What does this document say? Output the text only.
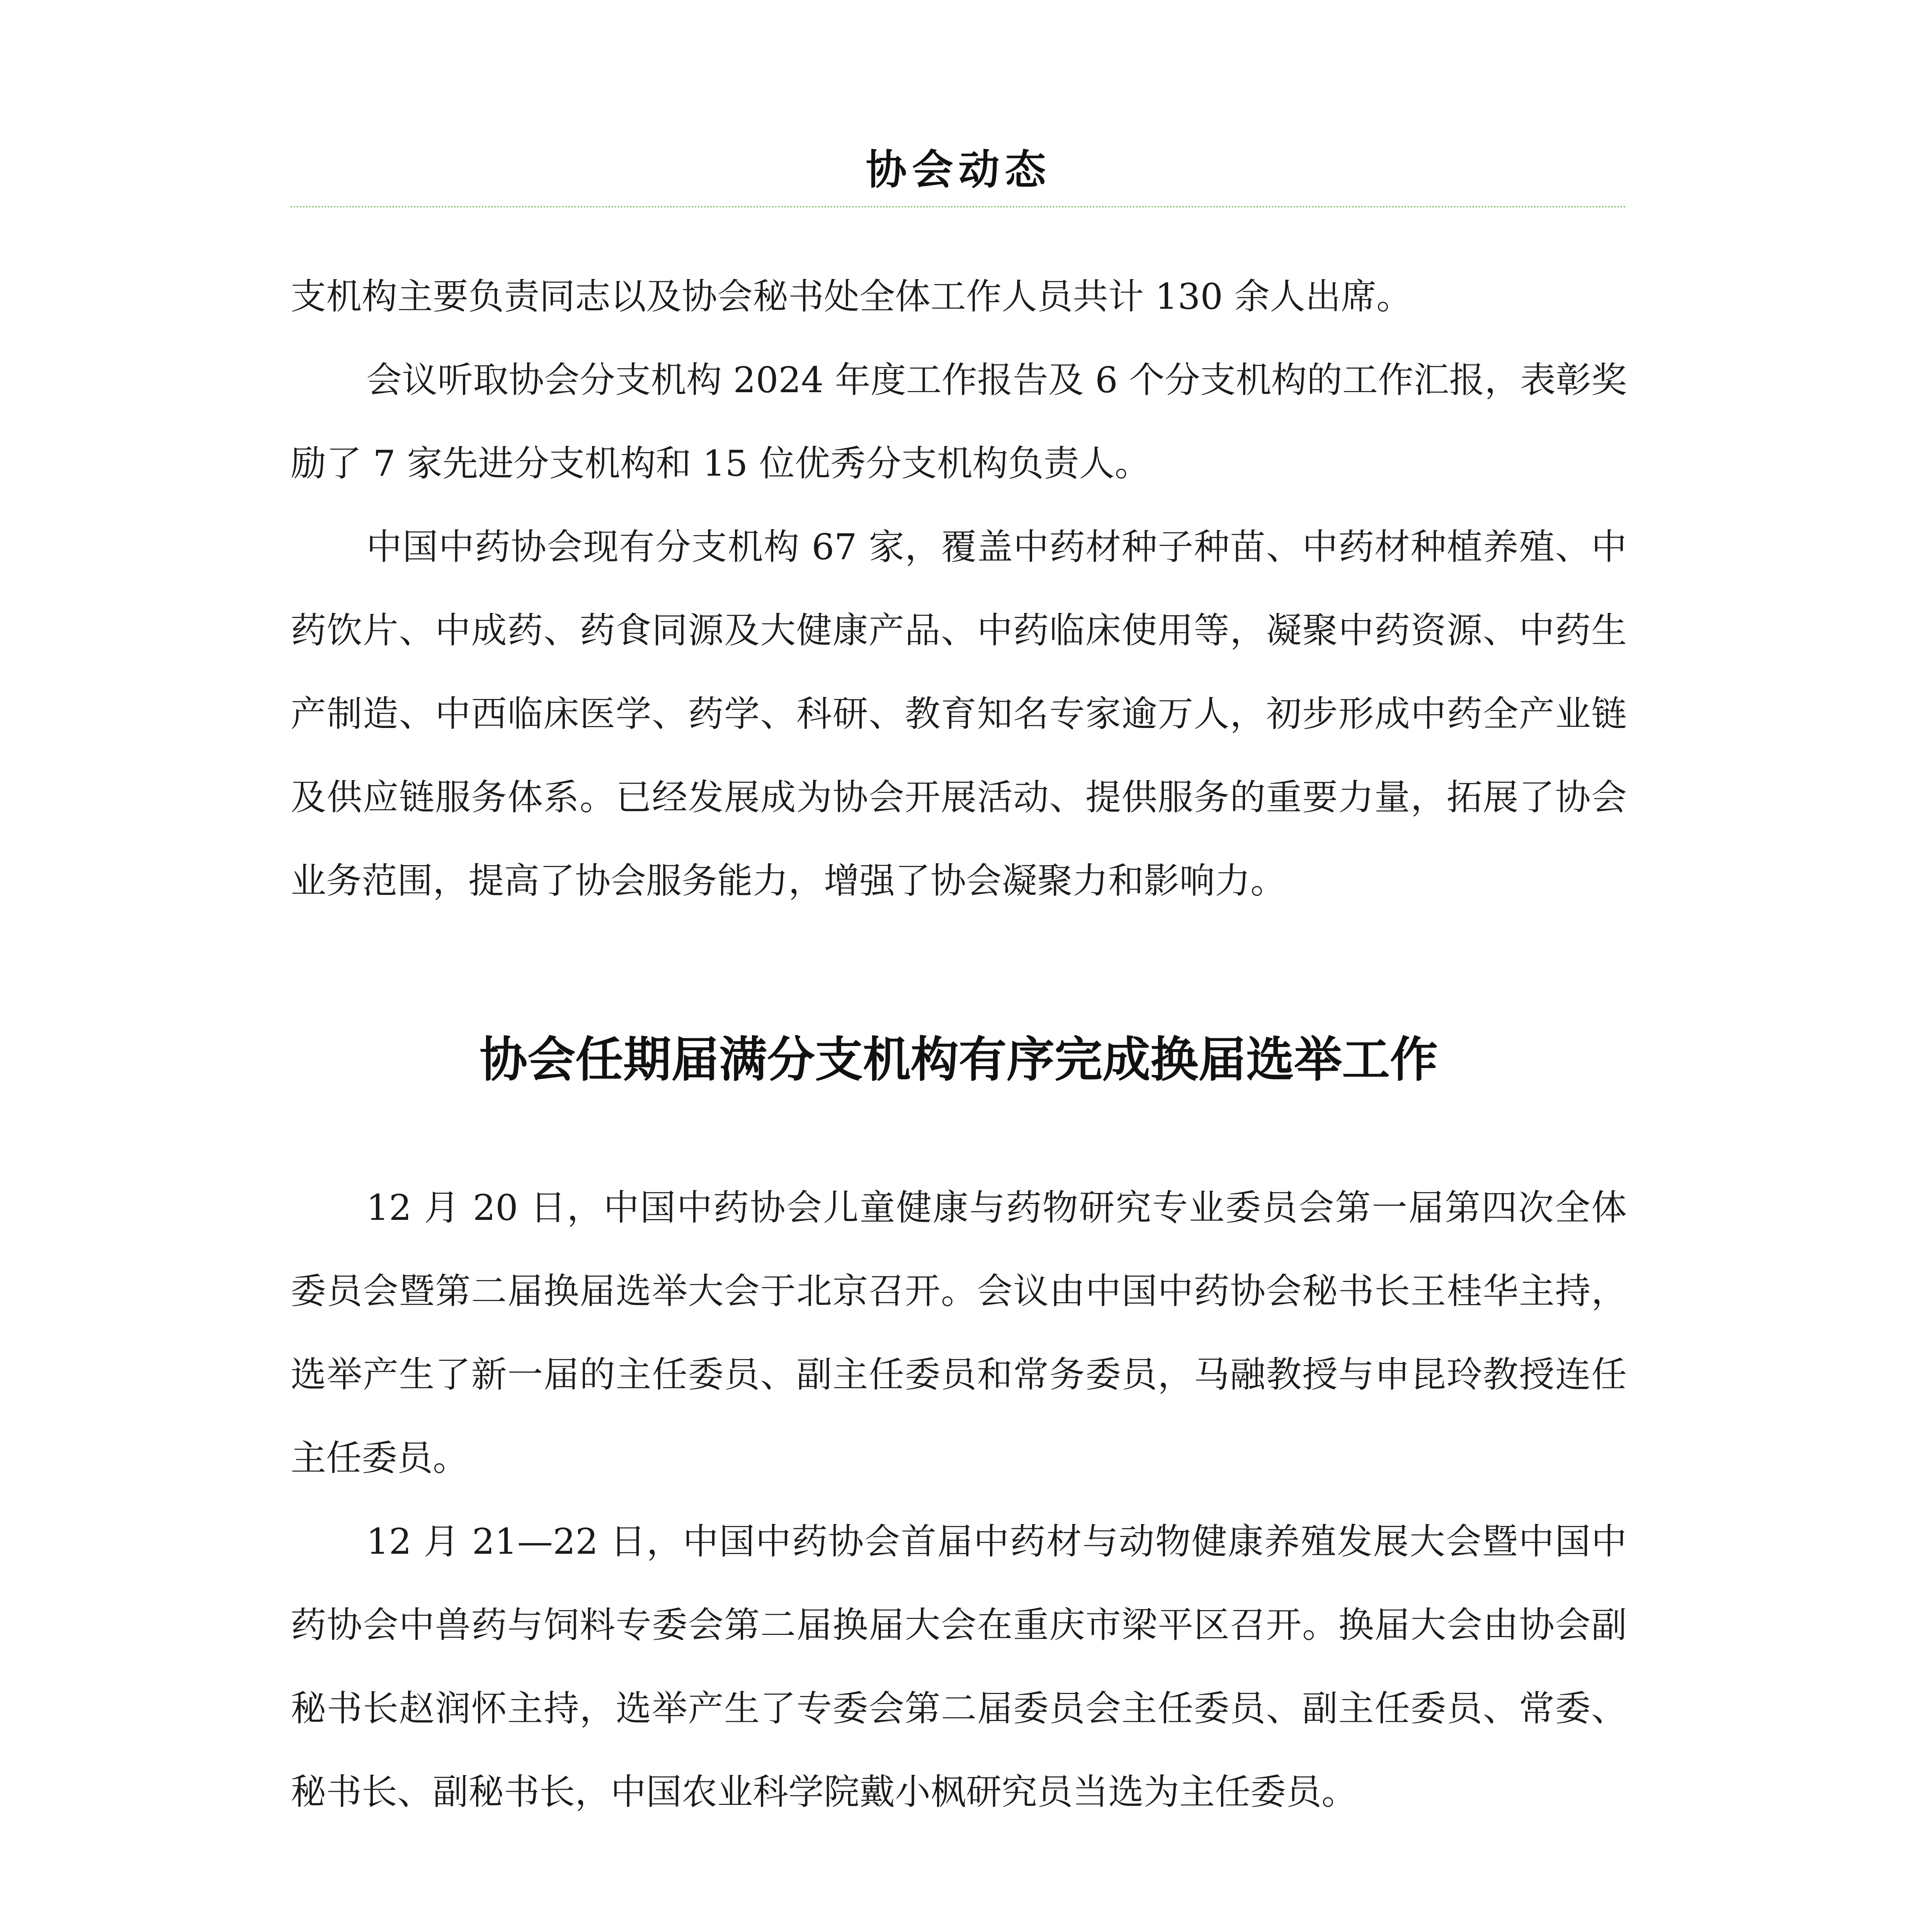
协会动态

支机构主要负责同志以及协会秘书处全体工作人员共计 130 余人出席。

会议听取协会分支机构 2024 年度工作报告及 6 个分支机构的工作汇报，表彰奖励了 7 家先进分支机构和 15 位优秀分支机构负责人。

中国中药协会现有分支机构 67 家，覆盖中药材种子种苗、中药材种植养殖、中药饮片、中成药、药食同源及大健康产品、中药临床使用等，凝聚中药资源、中药生产制造、中西临床医学、药学、科研、教育知名专家逾万人，初步形成中药全产业链及供应链服务体系。已经发展成为协会开展活动、提供服务的重要力量，拓展了协会业务范围，提高了协会服务能力，增强了协会凝聚力和影响力。

协会任期届满分支机构有序完成换届选举工作

12 月 20 日，中国中药协会儿童健康与药物研究专业委员会第一届第四次全体委员会暨第二届换届选举大会于北京召开。会议由中国中药协会秘书长王桂华主持，选举产生了新一届的主任委员、副主任委员和常务委员，马融教授与申昆玲教授连任主任委员。

12 月 21—22 日，中国中药协会首届中药材与动物健康养殖发展大会暨中国中药协会中兽药与饲料专委会第二届换届大会在重庆市梁平区召开。换届大会由协会副秘书长赵润怀主持，选举产生了专委会第二届委员会主任委员、副主任委员、常委、秘书长、副秘书长，中国农业科学院戴小枫研究员当选为主任委员。
